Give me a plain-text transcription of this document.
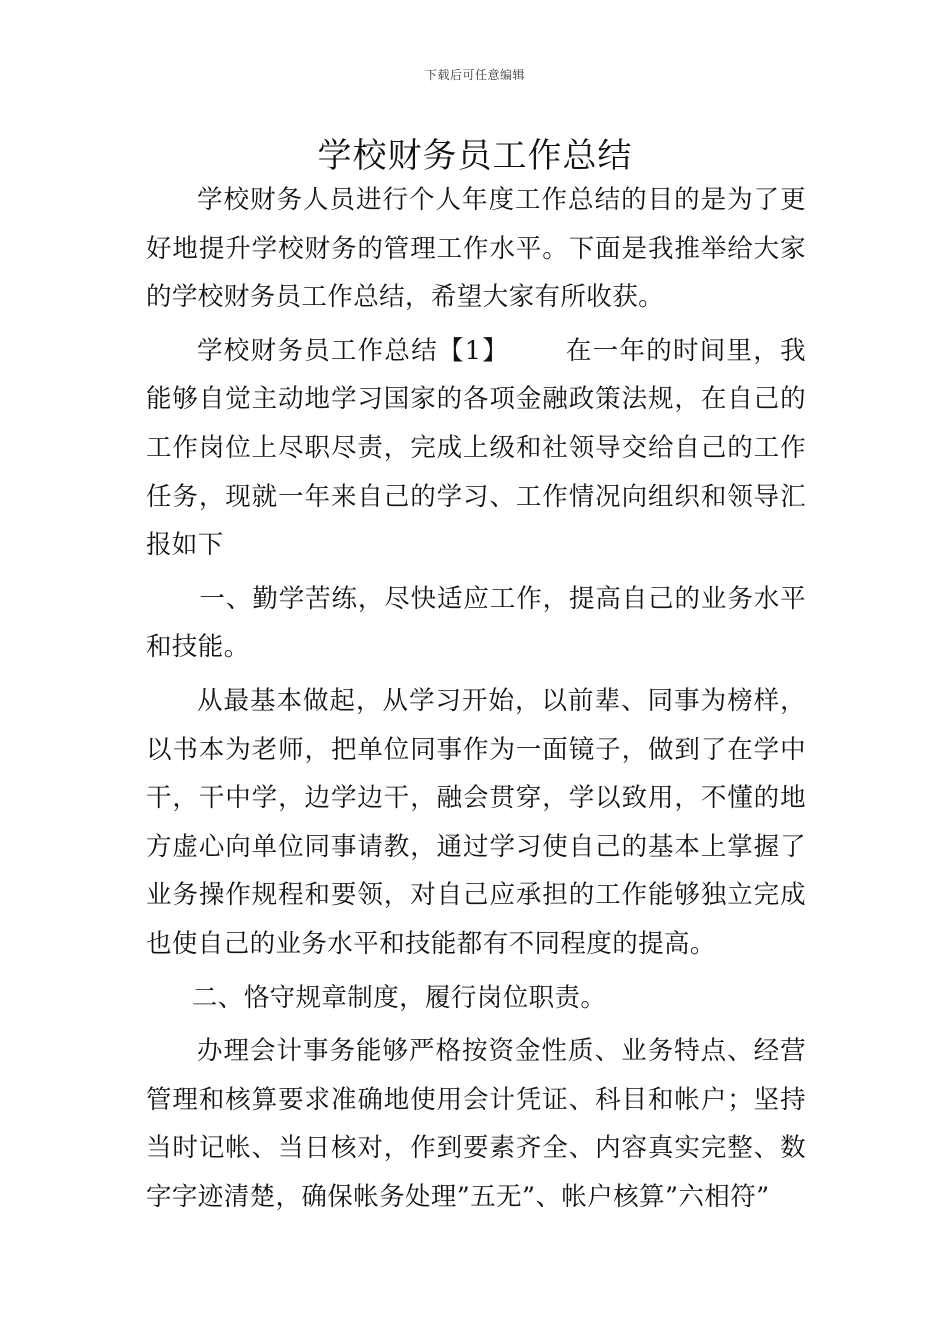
下载后可任意编辑
学校财务员工作总结

学校财务人员进行个人年度工作总结的目的是为了更好地提升学校财务的管理工作水平。下面是我推举给大家的学校财务员工作总结，希望大家有所收获。

学校财务员工作总结【1】 在一年的时间里，我能够自觉主动地学习国家的各项金融政策法规，在自己的工作岗位上尽职尽责，完成上级和社领导交给自己的工作任务，现就一年来自己的学习、工作情况向组织和领导汇报如下

一、勤学苦练，尽快适应工作，提高自己的业务水平和技能。

从最基本做起，从学习开始，以前辈、同事为榜样，以书本为老师，把单位同事作为一面镜子，做到了在学中干，干中学，边学边干，融会贯穿，学以致用，不懂的地方虚心向单位同事请教，通过学习使自己的基本上掌握了业务操作规程和要领，对自己应承担的工作能够独立完成也使自己的业务水平和技能都有不同程度的提高。

二、恪守规章制度，履行岗位职责。

办理会计事务能够严格按资金性质、业务特点、经营管理和核算要求准确地使用会计凭证、科目和帐户；坚持当时记帐、当日核对，作到要素齐全、内容真实完整、数字字迹清楚，确保帐务处理”五无”、帐户核算”六相符”
